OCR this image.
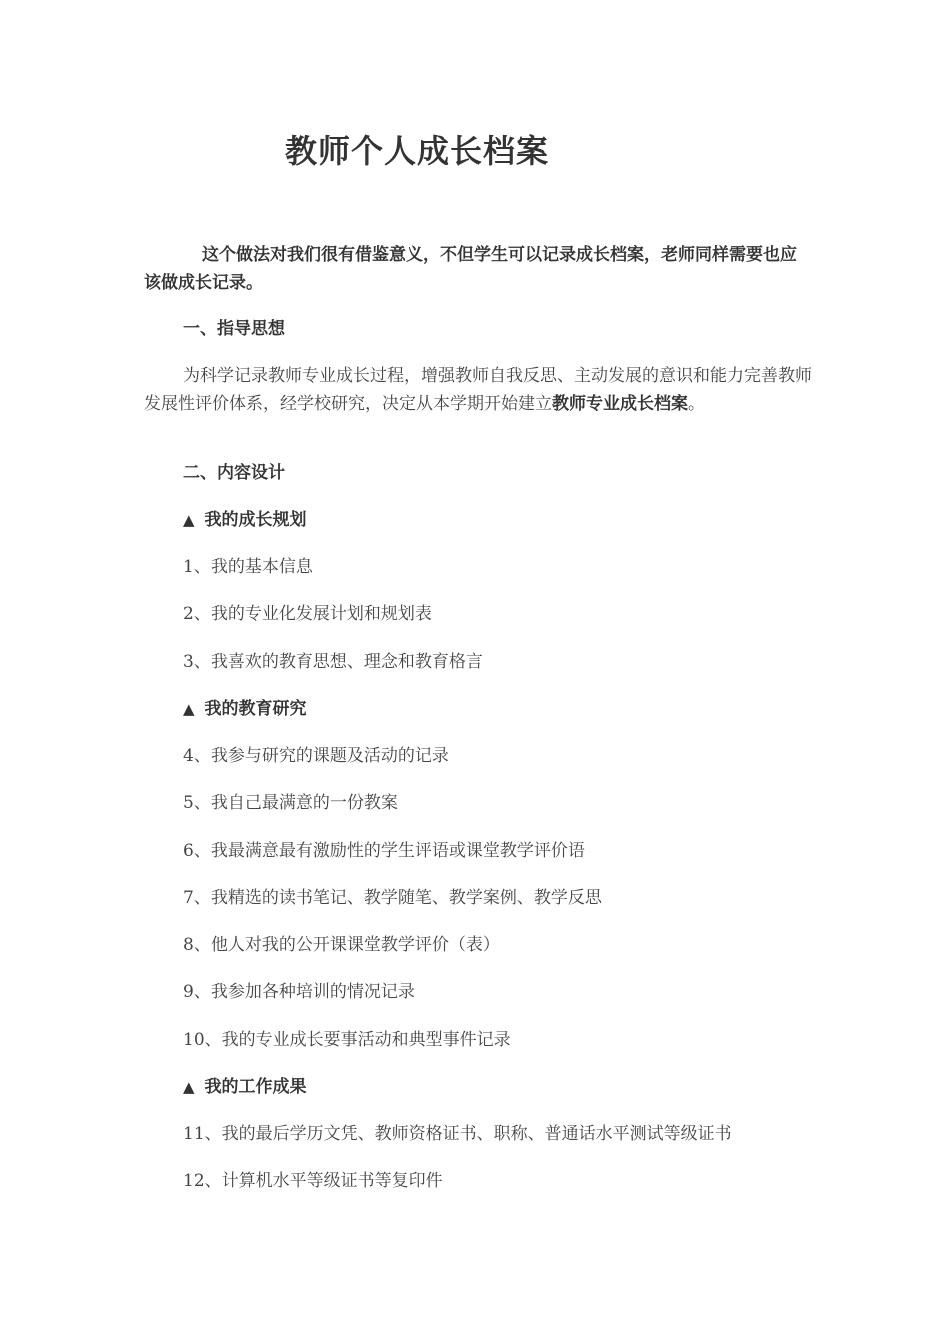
教师个人成长档案
这个做法对我们很有借鉴意义，不但学生可以记录成长档案，老师同样需要也应该做成长记录。
一、指导思想
为科学记录教师专业成长过程，增强教师自我反思、主动发展的意识和能力完善教师发展性评价体系，经学校研究，决定从本学期开始建立教师专业成长档案。
二、内容设计
▲ 我的成长规划
1、我的基本信息
2、我的专业化发展计划和规划表
3、我喜欢的教育思想、理念和教育格言
▲ 我的教育研究
4、我参与研究的课题及活动的记录
5、我自己最满意的一份教案
6、我最满意最有激励性的学生评语或课堂教学评价语
7、我精选的读书笔记、教学随笔、教学案例、教学反思
8、他人对我的公开课课堂教学评价（表）
9、我参加各种培训的情况记录
10、我的专业成长要事活动和典型事件记录
▲ 我的工作成果
11、我的最后学历文凭、教师资格证书、职称、普通话水平测试等级证书
12、计算机水平等级证书等复印件
